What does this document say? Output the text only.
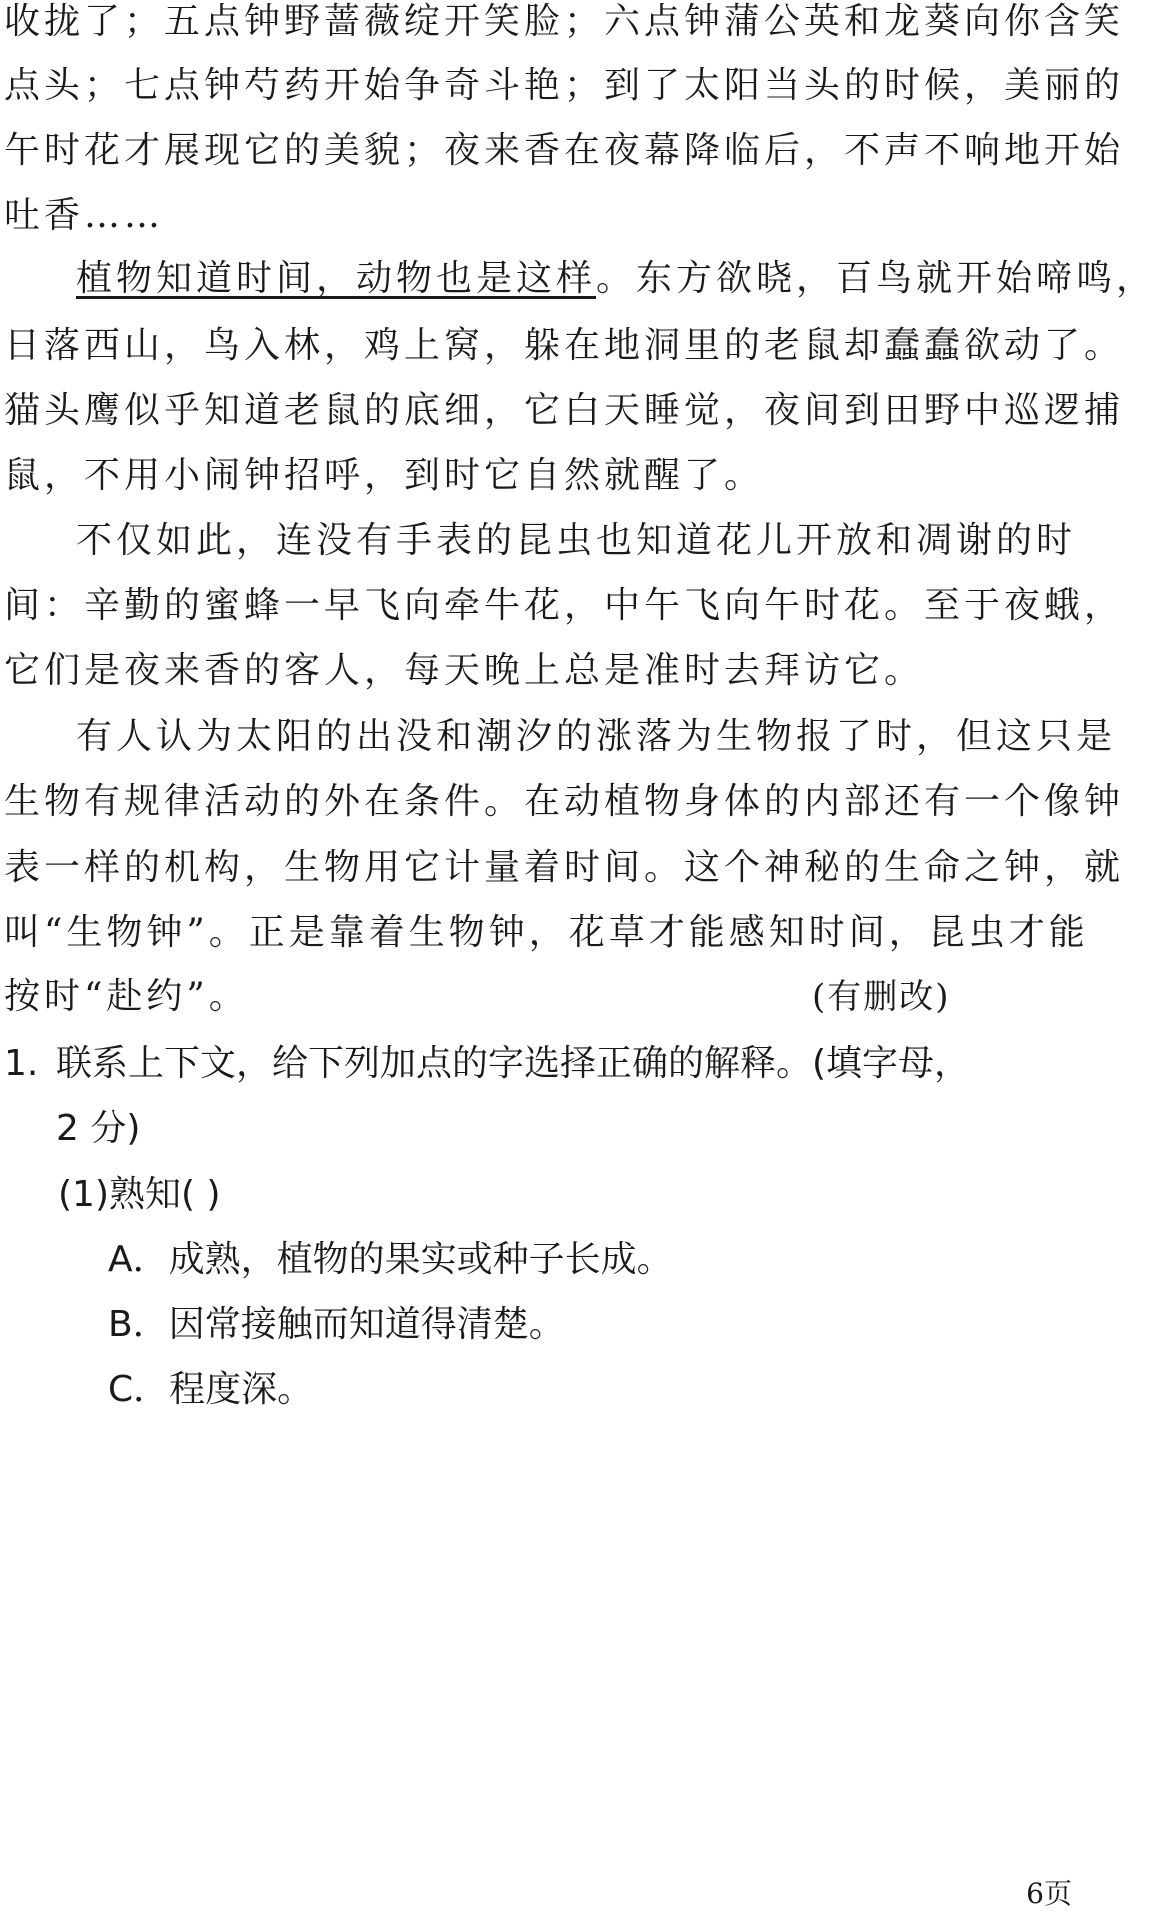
收拢了；五点钟野蔷薇绽开笑脸；六点钟蒲公英和龙葵向你含笑
点头；七点钟芍药开始争奇斗艳；到了太阳当头的时候，美丽的
午时花才展现它的美貌；夜来香在夜幕降临后，不声不响地开始
吐香……
植物知道时间，动物也是这样。东方欲晓，百鸟就开始啼鸣，
日落西山，鸟入林，鸡上窝，躲在地洞里的老鼠却蠢蠢欲动了。
猫头鹰似乎知道老鼠的底细，它白天睡觉，夜间到田野中巡逻捕
鼠，不用小闹钟招呼，到时它自然就醒了。
不仅如此，连没有手表的昆虫也知道花儿开放和凋谢的时
间：辛勤的蜜蜂一早飞向牵牛花，中午飞向午时花。至于夜蛾，
它们是夜来香的客人，每天晚上总是准时去拜访它。
有人认为太阳的出没和潮汐的涨落为生物报了时，但这只是
生物有规律活动的外在条件。在动植物身体的内部还有一个像钟
表一样的机构，生物用它计量着时间。这个神秘的生命之钟，就
叫“生物钟”。正是靠着生物钟，花草才能感知时间，昆虫才能
按时“赴约”。	(有删改)
1. 联系上下文，给下列加点的字选择正确的解释。(填字母，
2 分)
(1)熟知( )
A．成熟，植物的果实或种子长成。
B．因常接触而知道得清楚。
C．程度深。
6页
